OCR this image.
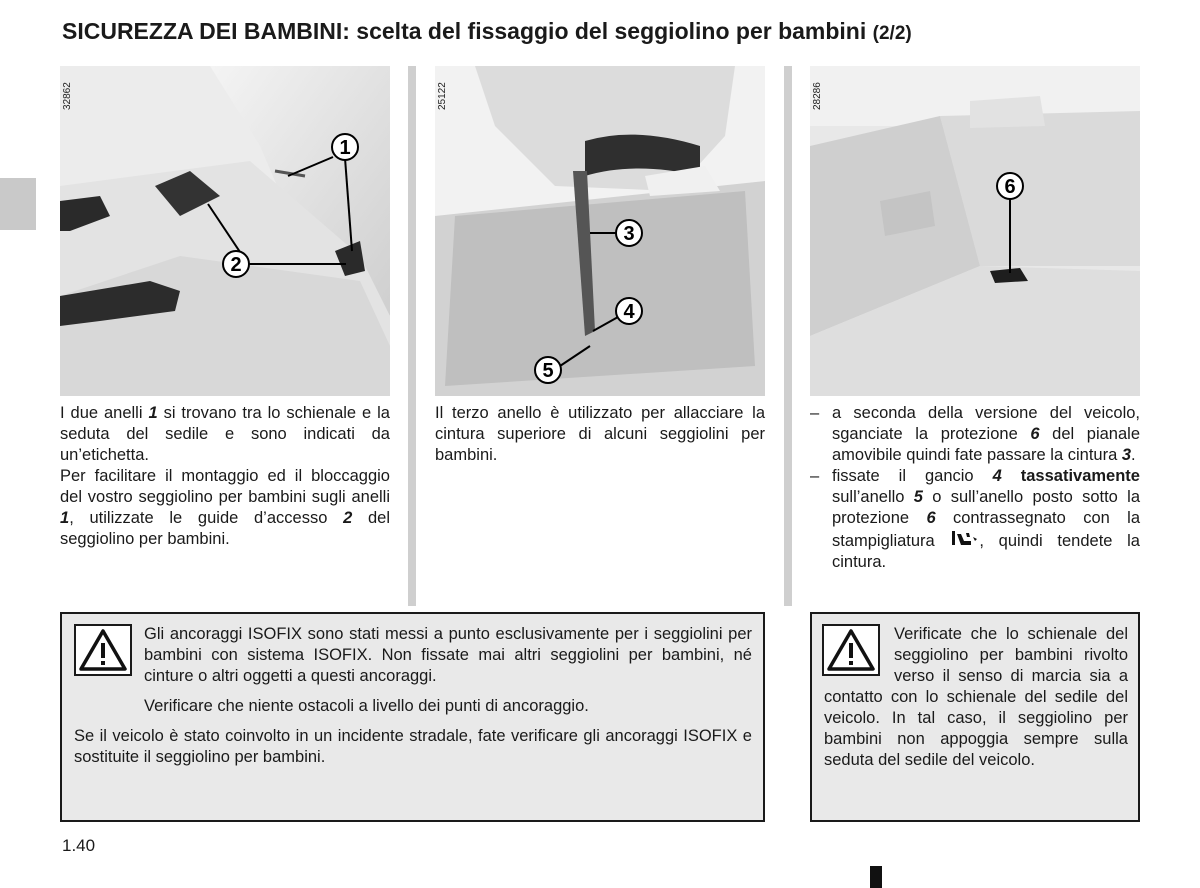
SICUREZZA DEI BAMBINI: scelta del fissaggio del seggiolino per bambini (2/2)
1
2
32862
3
4
5
25122
6
28286

I due anelli 1 si trovano tra lo schienale e la seduta del sedile e sono indicati da un’etichetta.

Per facilitare il montaggio ed il bloccaggio del vostro seggiolino per bambini sugli anelli 1, utilizzate le guide d’accesso 2 del seggiolino per bambini.

Il terzo anello è utilizzato per allacciare la cintura superiore di alcuni seggiolini per bambini.

– a seconda della versione del veicolo, sganciate la protezione 6 del pianale amovibile quindi fate passare la cintura 3.
– fissate il gancio 4 tassativamente sull’anello 5 o sull’anello posto sotto la protezione 6 contrassegnato con la stampigliatura , quindi tendete la cintura.

Gli ancoraggi ISOFIX sono stati messi a punto esclusivamente per i seggiolini per bambini con sistema ISOFIX. Non fissate mai altri seggiolini per bambini, né cinture o altri oggetti a questi ancoraggi.

Verificare che niente ostacoli a livello dei punti di ancoraggio.

Se il veicolo è stato coinvolto in un incidente stradale, fate verificare gli ancoraggi ISOFIX e sostituite il seggiolino per bambini.

Verificate che lo schienale del seggiolino per bambini rivolto verso il senso di marcia sia a contatto con lo schienale del sedile del veicolo. In tal caso, il seggiolino per bambini non appoggia sempre sulla seduta del sedile del veicolo.

1.40
